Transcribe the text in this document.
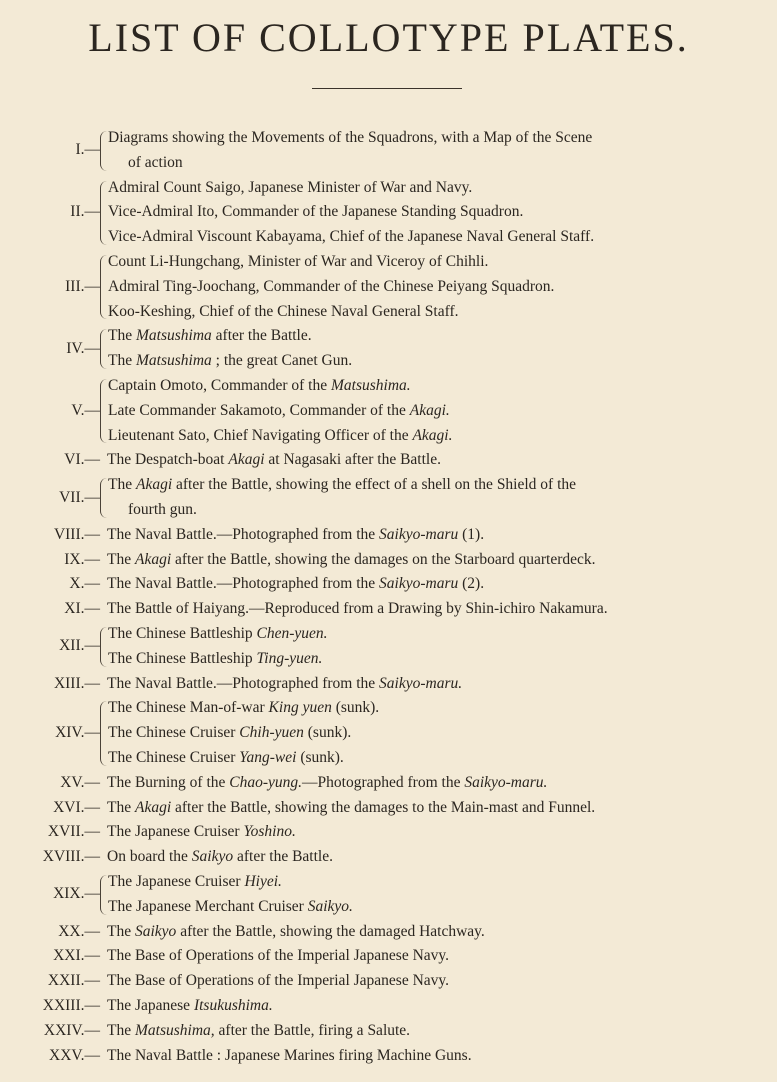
LIST OF COLLOTYPE PLATES.
I.—
Diagrams showing the Movements of the Squadrons, with a Map of the Scene
of action
II.—
Admiral Count Saigo, Japanese Minister of War and Navy.
Vice-Admiral Ito, Commander of the Japanese Standing Squadron.
Vice-Admiral Viscount Kabayama, Chief of the Japanese Naval General Staff.
III.—
Count Li-Hungchang, Minister of War and Viceroy of Chihli.
Admiral Ting-Joochang, Commander of the Chinese Peiyang Squadron.
Koo-Keshing, Chief of the Chinese Naval General Staff.
IV.—
The Matsushima after the Battle.
The Matsushima ; the great Canet Gun.
V.—
Captain Omoto, Commander of the Matsushima.
Late Commander Sakamoto, Commander of the Akagi.
Lieutenant Sato, Chief Navigating Officer of the Akagi.
VI.— The Despatch-boat Akagi at Nagasaki after the Battle.
VII.—
The Akagi after the Battle, showing the effect of a shell on the Shield of the
fourth gun.
VIII.— The Naval Battle.—Photographed from the Saikyo-maru (1).
IX.— The Akagi after the Battle, showing the damages on the Starboard quarterdeck.
X.— The Naval Battle.—Photographed from the Saikyo-maru (2).
XI.— The Battle of Haiyang.—Reproduced from a Drawing by Shin-ichiro Nakamura.
XII.—
The Chinese Battleship Chen-yuen.
The Chinese Battleship Ting-yuen.
XIII.— The Naval Battle.—Photographed from the Saikyo-maru.
XIV.—
The Chinese Man-of-war King yuen (sunk).
The Chinese Cruiser Chih-yuen (sunk).
The Chinese Cruiser Yang-wei (sunk).
XV.— The Burning of the Chao-yung.—Photographed from the Saikyo-maru.
XVI.— The Akagi after the Battle, showing the damages to the Main-mast and Funnel.
XVII.— The Japanese Cruiser Yoshino.
XVIII.— On board the Saikyo after the Battle.
XIX.—
The Japanese Cruiser Hiyei.
The Japanese Merchant Cruiser Saikyo.
XX.— The Saikyo after the Battle, showing the damaged Hatchway.
XXI.— The Base of Operations of the Imperial Japanese Navy.
XXII.— The Base of Operations of the Imperial Japanese Navy.
XXIII.— The Japanese Itsukushima.
XXIV.— The Matsushima, after the Battle, firing a Salute.
XXV.— The Naval Battle : Japanese Marines firing Machine Guns.
